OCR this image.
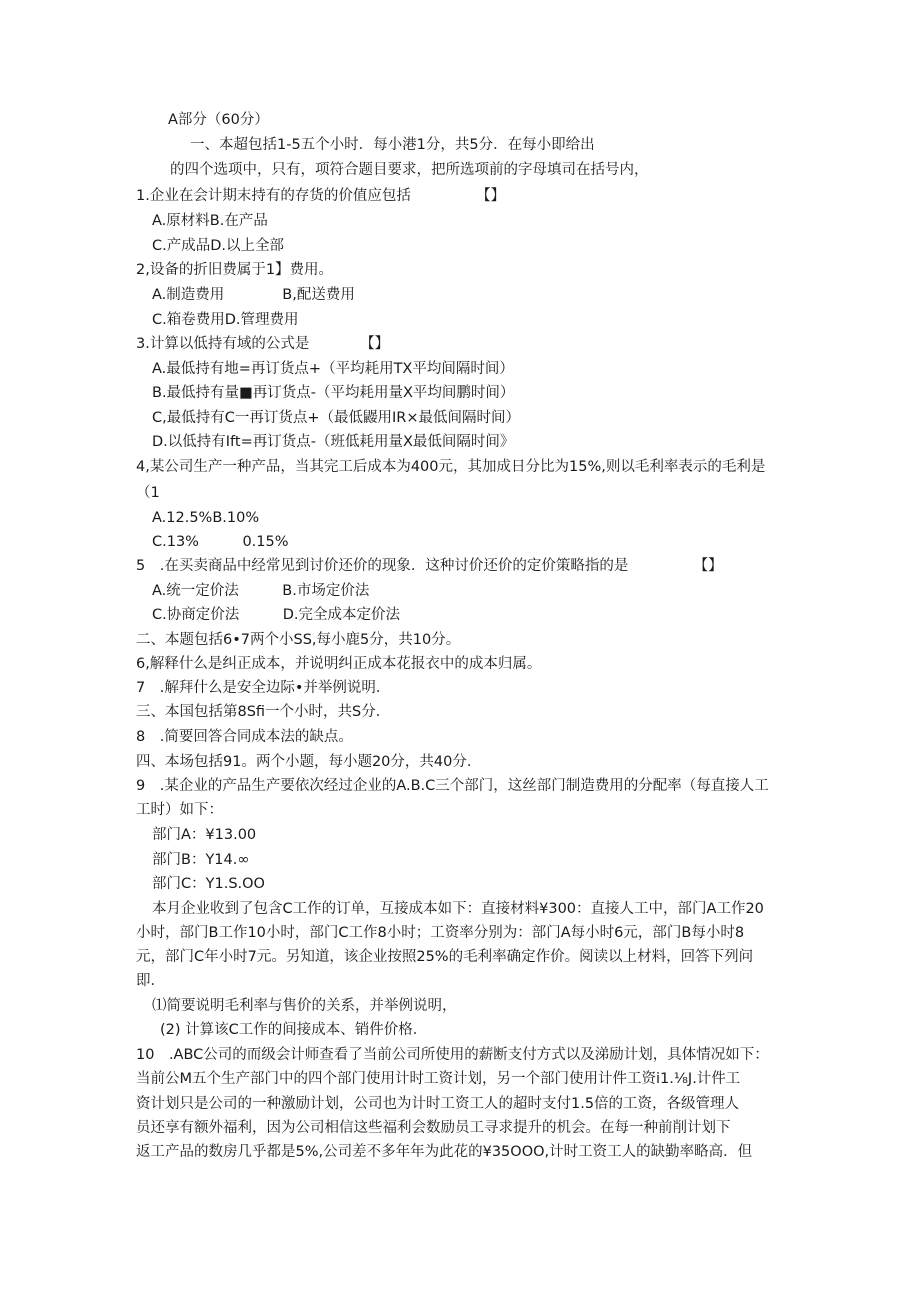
A部分（60分）
一、本超包括1-5五个小时．每小港1分，共5分．在每小即给出
的四个选项中，只有，项符合题目要求，把所选项前的字母填司在括号内，
1.企业在会计期末持有的存货的价值应包括　　　　　【】
A.原材料B.在产品
C.产成品D.以上全部
2,设备的折旧费属于1】费用。
A.制造费用　　　　B,配送费用
C.箱卷费用D.管理费用
3.计算以低持有域的公式是　　　　【】
A.最低持有地=再订货点+（平均耗用TX平均间隔时间）
B.最低持有量■再订货点-（平均耗用量X平均间鹏时间）
C,最低持有C一再订货点+（最低鼹用IR×最低间隔时间）
D.以低持有Ift=再订货点-（班低耗用量X最低间隔时间》
4,某公司生产一种产品，当其完工后成本为400元，其加成日分比为15%,则以毛利率表示的毛利是
（1
A.12.5%B.10%
C.13%　　　0.15%
5　.在买卖商品中经常见到讨价还价的现象．这种讨价还价的定价策略指的是　　　　　【】
A.统一定价法　　　B.市场定价法
C.协商定价法　　　D.完全成本定价法
二、本题包括6•7两个小SS,每小鹿5分，共10分。
6,解释什么是纠正成本，并说明纠正成本花报衣中的成本归属。
7　.解拜什么是安全边际•并举例说明．
三、本国包括第8Sfi一个小时，共S分．
8　.简要回答合同成本法的缺点。
四、本场包括91。两个小题，每小题20分，共40分．
9　.某企业的产品生产要依次经过企业的A.B.C三个部门，这丝部门制造费用的分配率（每直接人工
工时）如下：
部门A：¥13.00
部门B：Y14.∞
部门C：Y1.S.OO
本月企业收到了包含C工作的订单，互接成本如下：直接材料¥300：直接人工中，部门A工作20
小时，部门B工作10小时，部门C工作8小时；工资率分别为：部门A每小时6元，部门B每小时8
元，部门C年小时7元。另知道，该企业按照25%的毛利率确定作价。阅读以上材料，回答下列问
即．
⑴简要说明毛利率与售价的关系，并举例说明，
(2) 计算该C工作的间接成本、销件价格．
10　.ABC公司的而级会计师查看了当前公司所使用的薪断支付方式以及涕励计划，具体情况如下：
当前公M五个生产部门中的四个部门使用计时工资计划，另一个部门使用计件工资i1.⅛J.计件工
资计划只是公司的一种激励计划，公司也为计时工资工人的超时支付1.5倍的工资，各级管理人
员还享有额外福利，因为公司相信这些福利会数励员工寻求提升的机会。在每一种前削计划下
返工产品的数房几乎都是5%,公司差不多年年为此花的¥35OOO,计时工资工人的缺勤率略高．但
